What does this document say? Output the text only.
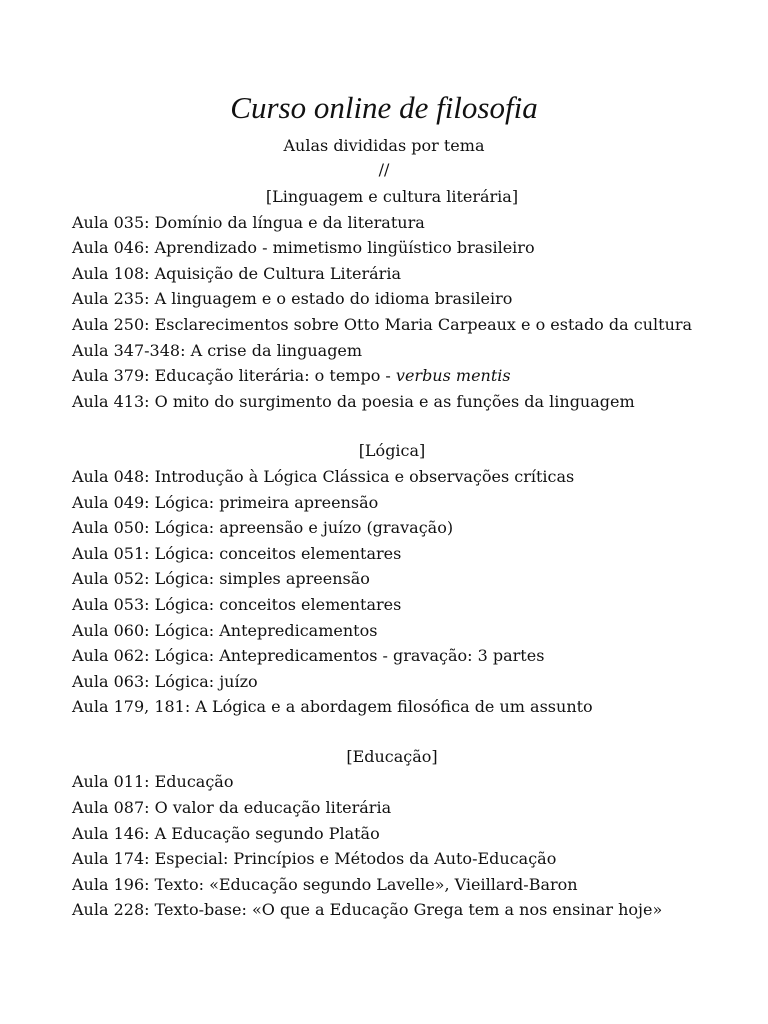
Curso online de filosofia
Aulas divididas por tema
//
[Linguagem e cultura literária]
Aula 035: Domínio da língua e da literatura
Aula 046: Aprendizado - mimetismo lingüístico brasileiro
Aula 108: Aquisição de Cultura Literária
Aula 235: A linguagem e o estado do idioma brasileiro
Aula 250: Esclarecimentos sobre Otto Maria Carpeaux e o estado da cultura
Aula 347-348: A crise da linguagem
Aula 379: Educação literária: o tempo - verbus mentis
Aula 413: O mito do surgimento da poesia e as funções da linguagem
[Lógica]
Aula 048: Introdução à Lógica Clássica e observações críticas
Aula 049: Lógica: primeira apreensão
Aula 050: Lógica: apreensão e juízo (gravação)
Aula 051: Lógica: conceitos elementares
Aula 052: Lógica: simples apreensão
Aula 053: Lógica: conceitos elementares
Aula 060: Lógica: Antepredicamentos
Aula 062: Lógica: Antepredicamentos - gravação: 3 partes
Aula 063: Lógica: juízo
Aula 179, 181: A Lógica e a abordagem filosófica de um assunto
[Educação]
Aula 011: Educação
Aula 087: O valor da educação literária
Aula 146: A Educação segundo Platão
Aula 174: Especial: Princípios e Métodos da Auto-Educação
Aula 196: Texto: «Educação segundo Lavelle», Vieillard-Baron
Aula 228: Texto-base: «O que a Educação Grega tem a nos ensinar hoje»
